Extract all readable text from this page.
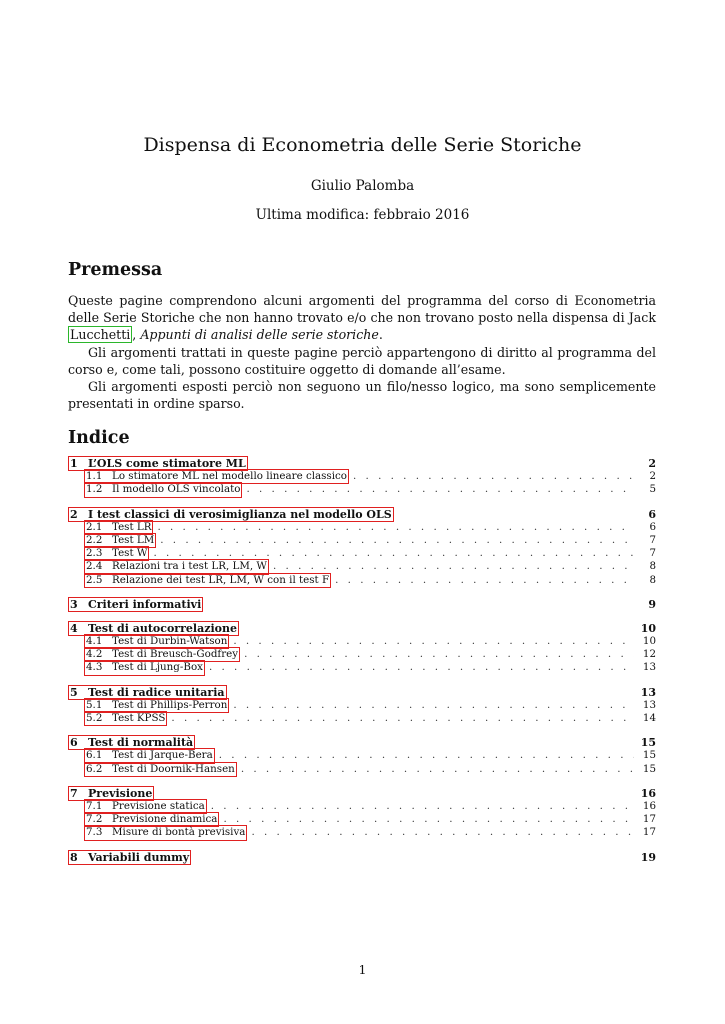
Dispensa di Econometria delle Serie Storiche
Giulio Palomba
Ultima modifica: febbraio 2016
Premessa

Queste pagine comprendono alcuni argomenti del programma del corso di Econometria delle Serie Storiche che non hanno trovato e/o che non trovano posto nella dispensa di Jack Lucchetti , Appunti di analisi delle serie storiche.

Gli argomenti trattati in queste pagine perciò appartengono di diritto al programma del corso e, come tali, possono costituire oggetto di domande all’esame.

Gli argomenti esposti perciò non seguono un filo/nesso logico, ma sono semplicemente presentati in ordine sparso.

Indice
1 L’OLS come stimatore ML	2
1.1 Lo stimatore ML nel modello lineare classico . . .	2
1.2 Il modello OLS vincolato . . .	5
2 I test classici di verosimiglianza nel modello OLS	6
2.1 Test LR . . .	6
2.2 Test LM . . .	7
2.3 Test W . . .	7
2.4 Relazioni tra i test LR, LM, W . . .	8
2.5 Relazione dei test LR, LM, W con il test F . . .	8
3 Criteri informativi	9
4 Test di autocorrelazione	10
4.1 Test di Durbin-Watson . . .	10
4.2 Test di Breusch-Godfrey . . .	12
4.3 Test di Ljung-Box . . .	13
5 Test di radice unitaria	13
5.1 Test di Phillips-Perron . . .	13
5.2 Test KPSS . . .	14
6 Test di normalità	15
6.1 Test di Jarque-Bera . . .	15
6.2 Test di Doornik-Hansen . . .	15
7 Previsione	16
7.1 Previsione statica . . .	16
7.2 Previsione dinamica . . .	17
7.3 Misure di bontà previsiva . . .	17
8 Variabili dummy	19
1
